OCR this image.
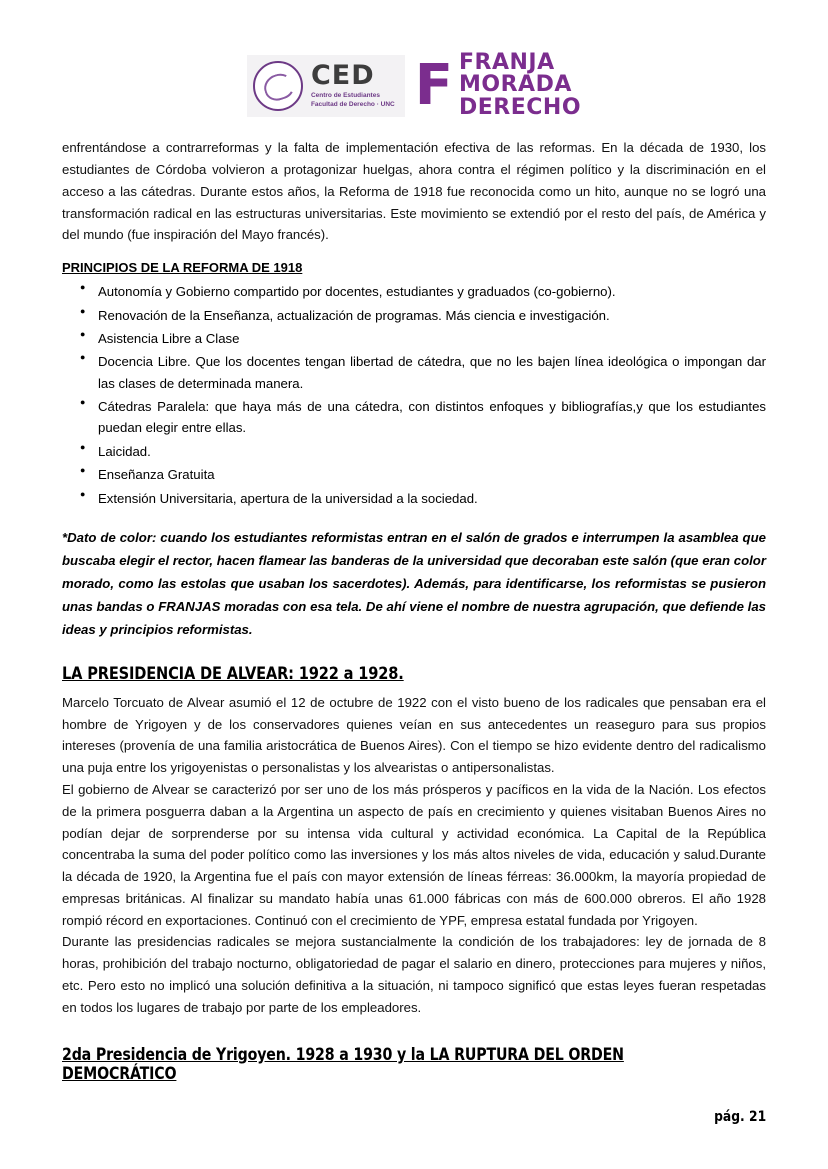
CED
Centro de Estudiantes
Facultad de Derecho · UNC F FRANJA
MORADA
DERECHO

enfrentándose a contrarreformas y la falta de implementación efectiva de las reformas. En la década de 1930, los estudiantes de Córdoba volvieron a protagonizar huelgas, ahora contra el régimen político y la discriminación en el acceso a las cátedras. Durante estos años, la Reforma de 1918 fue reconocida como un hito, aunque no se logró una transformación radical en las estructuras universitarias. Este movimiento se extendió por el resto del país, de América y del mundo (fue inspiración del Mayo francés).

PRINCIPIOS DE LA REFORMA DE 1918
● Autonomía y Gobierno compartido por docentes, estudiantes y graduados (co-gobierno).
● Renovación de la Enseñanza, actualización de programas. Más ciencia e investigación.
● Asistencia Libre a Clase
● Docencia Libre. Que los docentes tengan libertad de cátedra, que no les bajen línea ideológica o impongan dar las clases de determinada manera.
● Cátedras Paralela: que haya más de una cátedra, con distintos enfoques y bibliografías,y que los estudiantes puedan elegir entre ellas.
● Laicidad.
● Enseñanza Gratuita
● Extensión Universitaria, apertura de la universidad a la sociedad.

*Dato de color: cuando los estudiantes reformistas entran en el salón de grados e interrumpen la asamblea que buscaba elegir el rector, hacen flamear las banderas de la universidad que decoraban este salón (que eran color morado, como las estolas que usaban los sacerdotes). Además, para identificarse, los reformistas se pusieron unas bandas o FRANJAS moradas con esa tela. De ahí viene el nombre de nuestra agrupación, que defiende las ideas y principios reformistas.

LA PRESIDENCIA DE ALVEAR: 1922 a 1928.

Marcelo Torcuato de Alvear asumió el 12 de octubre de 1922 con el visto bueno de los radicales que pensaban era el hombre de Yrigoyen y de los conservadores quienes veían en sus antecedentes un reaseguro para sus propios intereses (provenía de una familia aristocrática de Buenos Aires). Con el tiempo se hizo evidente dentro del radicalismo una puja entre los yrigoyenistas o personalistas y los alvearistas o antipersonalistas.

El gobierno de Alvear se caracterizó por ser uno de los más prósperos y pacíficos en la vida de la Nación. Los efectos de la primera posguerra daban a la Argentina un aspecto de país en crecimiento y quienes visitaban Buenos Aires no podían dejar de sorprenderse por su intensa vida cultural y actividad económica. La Capital de la República concentraba la suma del poder político como las inversiones y los más altos niveles de vida, educación y salud.Durante la década de 1920, la Argentina fue el país con mayor extensión de líneas férreas: 36.000km, la mayoría propiedad de empresas británicas. Al finalizar su mandato había unas 61.000 fábricas con más de 600.000 obreros. El año 1928 rompió récord en exportaciones. Continuó con el crecimiento de YPF, empresa estatal fundada por Yrigoyen.

Durante las presidencias radicales se mejora sustancialmente la condición de los trabajadores: ley de jornada de 8 horas, prohibición del trabajo nocturno, obligatoriedad de pagar el salario en dinero, protecciones para mujeres y niños, etc. Pero esto no implicó una solución definitiva a la situación, ni tampoco significó que estas leyes fueran respetadas en todos los lugares de trabajo por parte de los empleadores.

2da Presidencia de Yrigoyen. 1928 a 1930 y la LA RUPTURA DEL ORDEN DEMOCRÁTICO
pág. 21
